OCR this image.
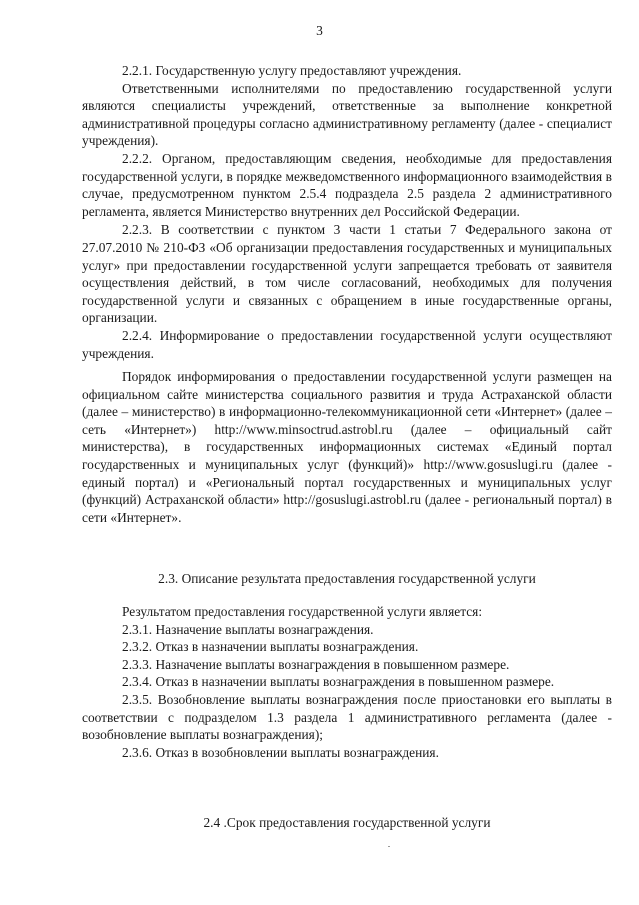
3

2.2.1. Государственную услугу предоставляют учреждения.

Ответственными исполнителями по предоставлению государственной услуги являются специалисты учреждений, ответственные за выполнение конкретной административной процедуры согласно административному регламенту (далее - специалист учреждения).

2.2.2. Органом, предоставляющим сведения, необходимые для предоставления государственной услуги, в порядке межведомственного информационного взаимодействия в случае, предусмотренном пунктом 2.5.4 подраздела 2.5 раздела 2 административного регламента, является Министерство внутренних дел Российской Федерации.

2.2.3. В соответствии с пунктом 3 части 1 статьи 7 Федерального закона от 27.07.2010 № 210-ФЗ «Об организации предоставления государственных и муниципальных услуг» при предоставлении государственной услуги запрещается требовать от заявителя осуществления действий, в том числе согласований, необходимых для получения государственной услуги и связанных с обращением в иные государственные органы, организации.

2.2.4. Информирование о предоставлении государственной услуги осуществляют учреждения.

Порядок информирования о предоставлении государственной услуги размещен на официальном сайте министерства социального развития и труда Астраханской области (далее – министерство) в информационно-телекоммуникационной сети «Интернет» (далее – сеть «Интернет») http://www.minsoctrud.astrobl.ru (далее – официальный сайт министерства), в государственных информационных системах «Единый портал государственных и муниципальных услуг (функций)» http://www.gosuslugi.ru (далее - единый портал) и «Региональный портал государственных и муниципальных услуг (функций) Астраханской области» http://gosuslugi.astrobl.ru (далее - региональный портал) в сети «Интернет».

2.3. Описание результата предоставления государственной услуги

Результатом предоставления государственной услуги является:

2.3.1. Назначение выплаты вознаграждения.

2.3.2. Отказ в назначении выплаты вознаграждения.

2.3.3. Назначение выплаты вознаграждения в повышенном размере.

2.3.4. Отказ в назначении выплаты вознаграждения в повышенном размере.

2.3.5. Возобновление выплаты вознаграждения после приостановки его выплаты в соответствии с подразделом 1.3 раздела 1 административного регламента (далее - возобновление выплаты вознаграждения);

2.3.6. Отказ в возобновлении выплаты вознаграждения.

2.4 .Срок предоставления государственной услуги
